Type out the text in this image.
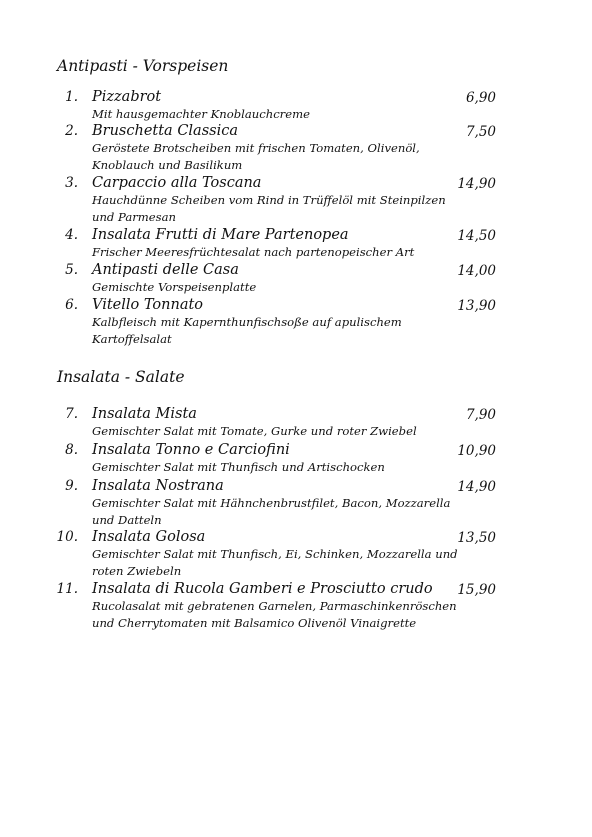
Antipasti - Vorspeisen
1. Pizzabrot	6,90
Mit hausgemachter Knoblauchcreme
2. Bruschetta Classica	7,50
Geröstete Brotscheiben mit frischen Tomaten, Olivenöl, Knoblauch und Basilikum
3. Carpaccio alla Toscana	14,90
Hauchdünne Scheiben vom Rind in Trüffelöl mit Steinpilzen und Parmesan
4. Insalata Frutti di Mare Partenopea	14,50
Frischer Meeresfrüchtesalat nach partenopeischer Art
5. Antipasti delle Casa	14,00
Gemischte Vorspeisenplatte
6. Vitello Tonnato	13,90
Kalbfleisch mit Kapernthunfischsoße auf apulischem Kartoffelsalat
Insalata - Salate
7. Insalata Mista	7,90
Gemischter Salat mit Tomate, Gurke und roter Zwiebel
8. Insalata Tonno e Carciofini	10,90
Gemischter Salat mit Thunfisch und Artischocken
9. Insalata Nostrana	14,90
Gemischter Salat mit Hähnchenbrustfilet, Bacon, Mozzarella und Datteln
10. Insalata Golosa	13,50
Gemischter Salat mit Thunfisch, Ei, Schinken, Mozzarella und roten Zwiebeln
11. Insalata di Rucola Gamberi e Prosciutto crudo 15,90
Rucolasalat mit gebratenen Garnelen, Parmaschinkenröschen und Cherrytomaten mit Balsamico Olivenöl Vinaigrette
